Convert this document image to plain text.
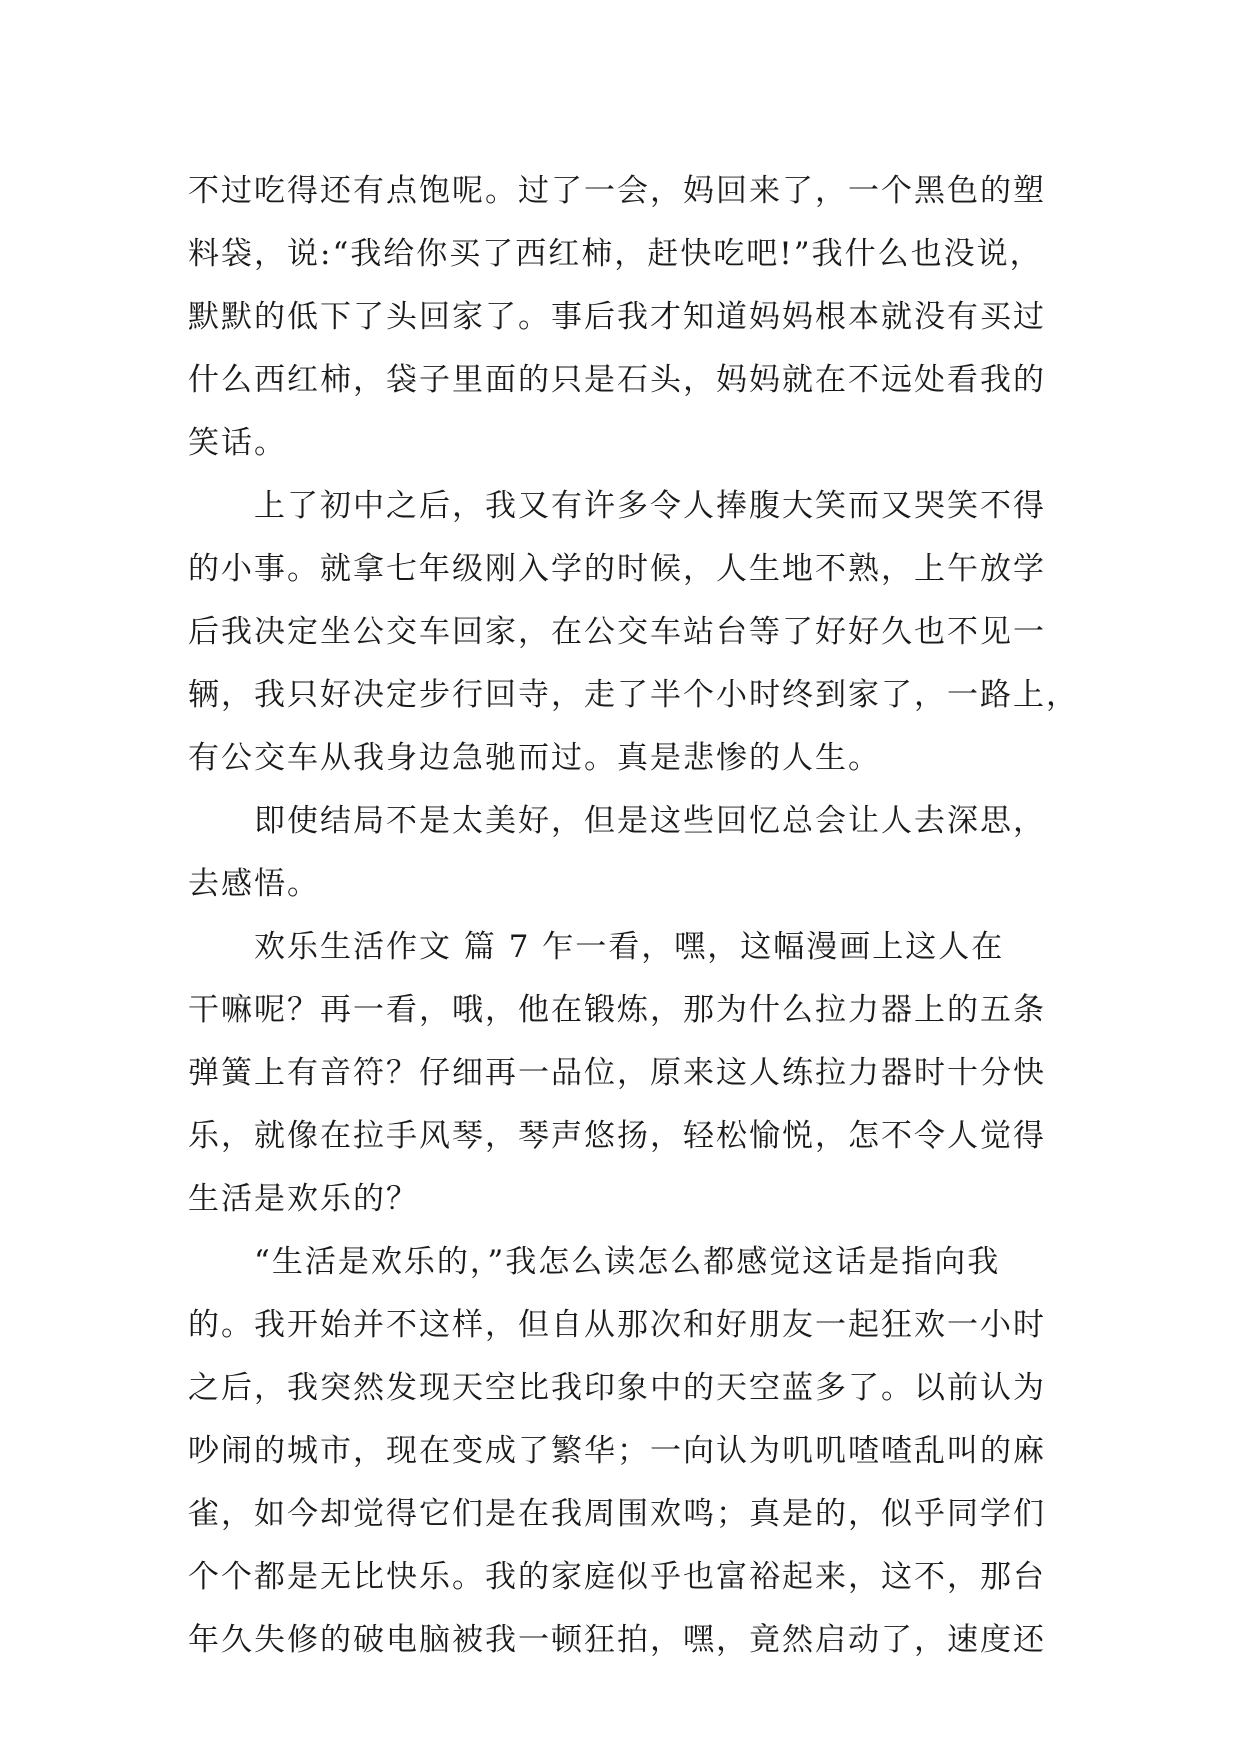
不过吃得还有点饱呢。过了一会，妈回来了，一个黑色的塑
料袋，说:“我给你买了西红柿，赶快吃吧!”我什么也没说，
默默的低下了头回家了。事后我才知道妈妈根本就没有买过
什么西红柿，袋子里面的只是石头，妈妈就在不远处看我的
笑话。
上了初中之后，我又有许多令人捧腹大笑而又哭笑不得
的小事。就拿七年级刚入学的时候，人生地不熟，上午放学
后我决定坐公交车回家，在公交车站台等了好好久也不见一
辆，我只好决定步行回寺，走了半个小时终到家了，一路上，
有公交车从我身边急驰而过。真是悲惨的人生。
即使结局不是太美好，但是这些回忆总会让人去深思，
去感悟。
欢乐生活作文 篇 7 乍一看，嘿，这幅漫画上这人在
干嘛呢？再一看，哦，他在锻炼，那为什么拉力器上的五条
弹簧上有音符？仔细再一品位，原来这人练拉力器时十分快
乐，就像在拉手风琴，琴声悠扬，轻松愉悦，怎不令人觉得
生活是欢乐的？
“生活是欢乐的，”我怎么读怎么都感觉这话是指向我
的。我开始并不这样，但自从那次和好朋友一起狂欢一小时
之后，我突然发现天空比我印象中的天空蓝多了。以前认为
吵闹的城市，现在变成了繁华；一向认为叽叽喳喳乱叫的麻
雀，如今却觉得它们是在我周围欢鸣；真是的，似乎同学们
个个都是无比快乐。我的家庭似乎也富裕起来，这不，那台
年久失修的破电脑被我一顿狂拍，嘿，竟然启动了，速度还
